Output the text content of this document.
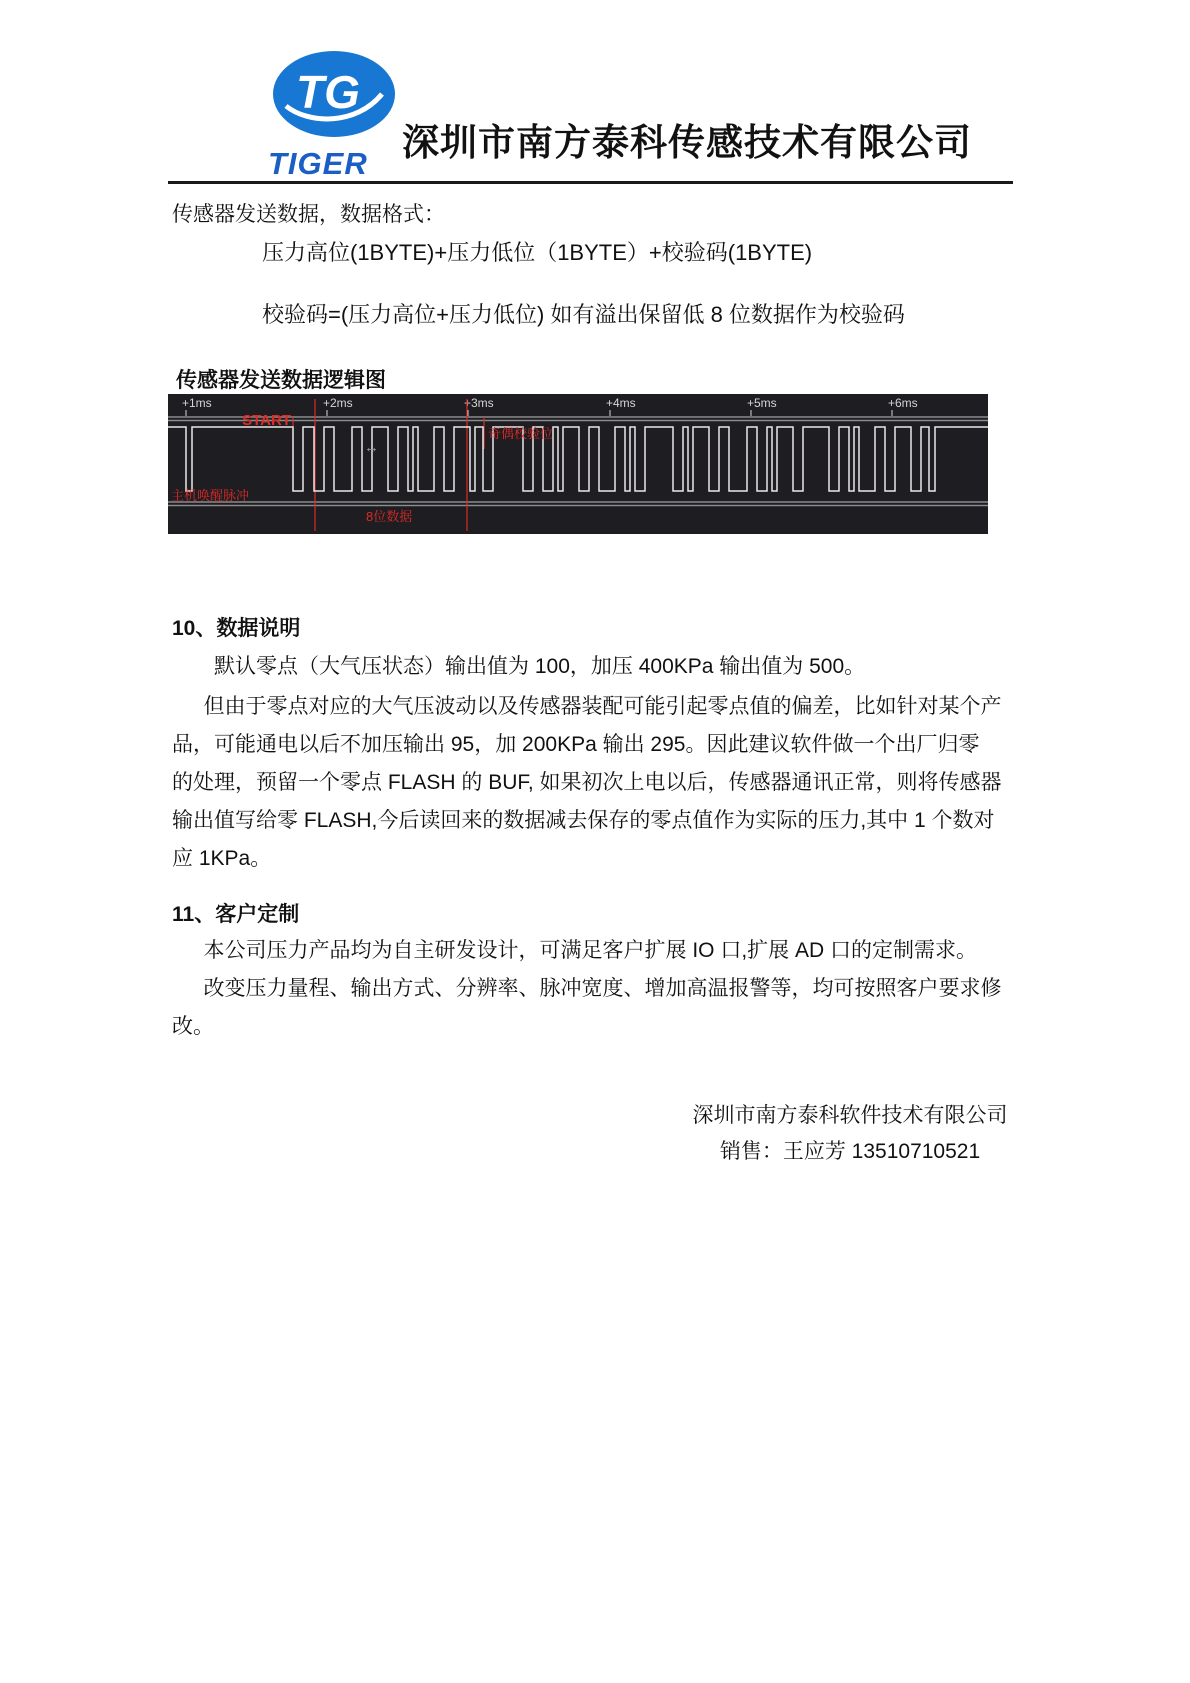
TG
TIGER
深圳市南方泰科传感技术有限公司
传感器发送数据，数据格式：
压力高位(1BYTE)+压力低位（1BYTE）+校验码(1BYTE)
校验码=(压力高位+压力低位) 如有溢出保留低 8 位数据作为校验码
传感器发送数据逻辑图
+1ms	+2ms	+3ms	+4ms	+5ms	+6ms
START
奇偶校验位
主机唤醒脉冲
8位数据
↔
10、数据说明
默认零点（大气压状态）输出值为 100，加压 400KPa 输出值为 500。
但由于零点对应的大气压波动以及传感器装配可能引起零点值的偏差，比如针对某个产
品，可能通电以后不加压输出 95，加 200KPa 输出 295。因此建议软件做一个出厂归零
的处理，预留一个零点 FLASH 的 BUF, 如果初次上电以后，传感器通讯正常，则将传感器
输出值写给零 FLASH,今后读回来的数据减去保存的零点值作为实际的压力,其中 1 个数对
应 1KPa。
11、客户定制
本公司压力产品均为自主研发设计，可满足客户扩展 IO 口,扩展 AD 口的定制需求。
改变压力量程、输出方式、分辨率、脉冲宽度、增加高温报警等，均可按照客户要求修
改。
深圳市南方泰科软件技术有限公司
销售：王应芳 13510710521
